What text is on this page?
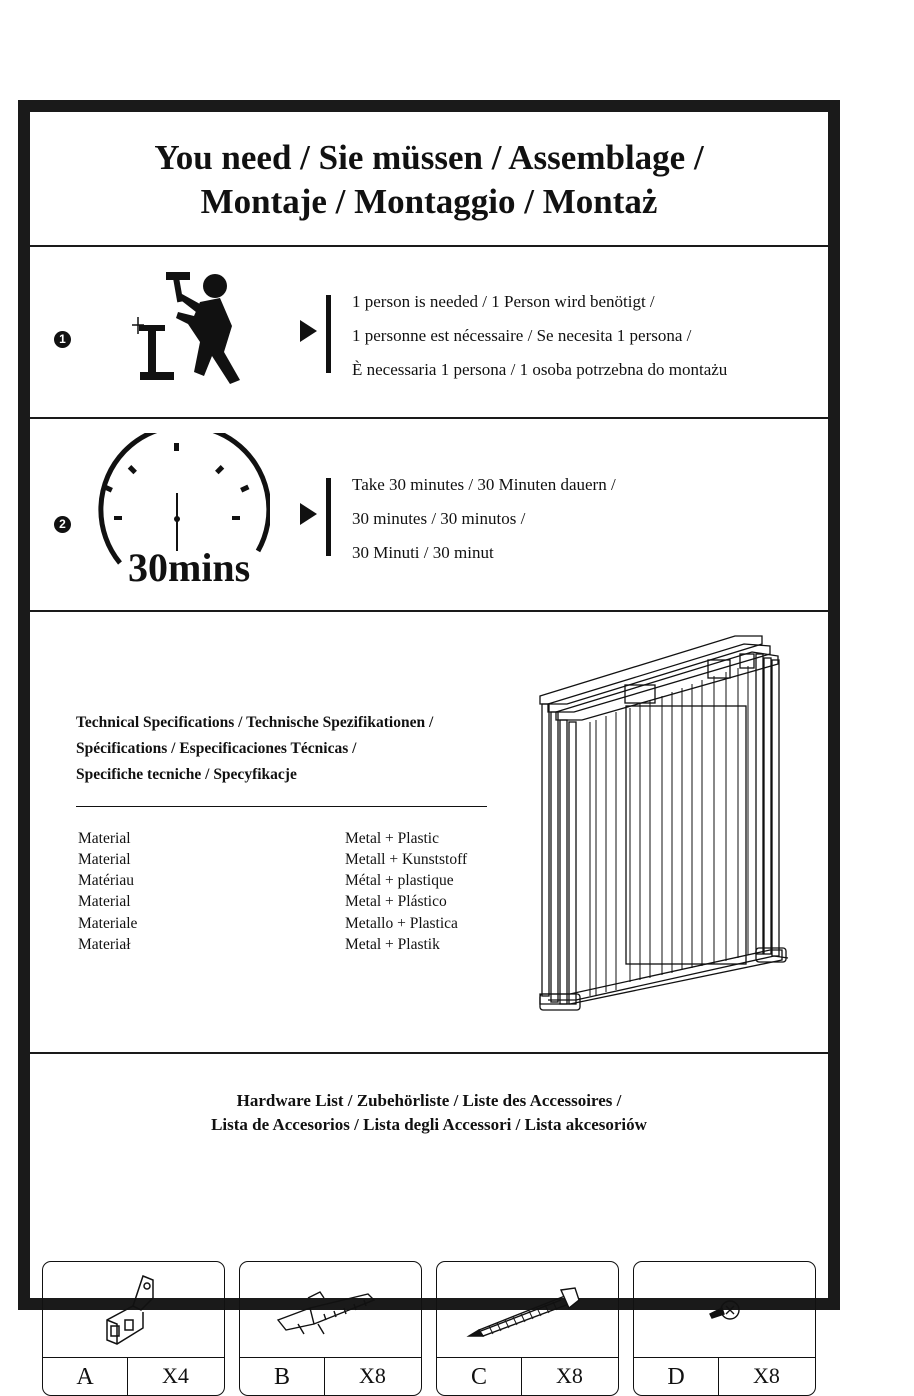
You need / Sie müssen / Assemblage /
Montaje / Montaggio / Montaż
1
1 person is needed / 1 Person wird benötigt /
1 personne est nécessaire / Se necesita 1 persona /
È necessaria 1 persona / 1 osoba potrzebna do montażu
2
30mins
Take 30 minutes / 30 Minuten dauern /
30 minutes / 30 minutos /
30 Minuti / 30 minut
Technical Specifications / Technische Spezifikationen /
Spécifications / Especificaciones Técnicas /
Specifiche tecniche / Specyfikacje
Material	Metal + Plastic
Material	Metall + Kunststoff
Matériau	Métal + plastique
Material	Metal + Plástico
Materiale	Metallo + Plastica
Materiał	Metal + Plastik
Hardware List / Zubehörliste / Liste des Accessoires /
Lista de Accesorios / Lista degli Accessori / Lista akcesoriów
A	X4	B	X8	C	X8	D	X8
